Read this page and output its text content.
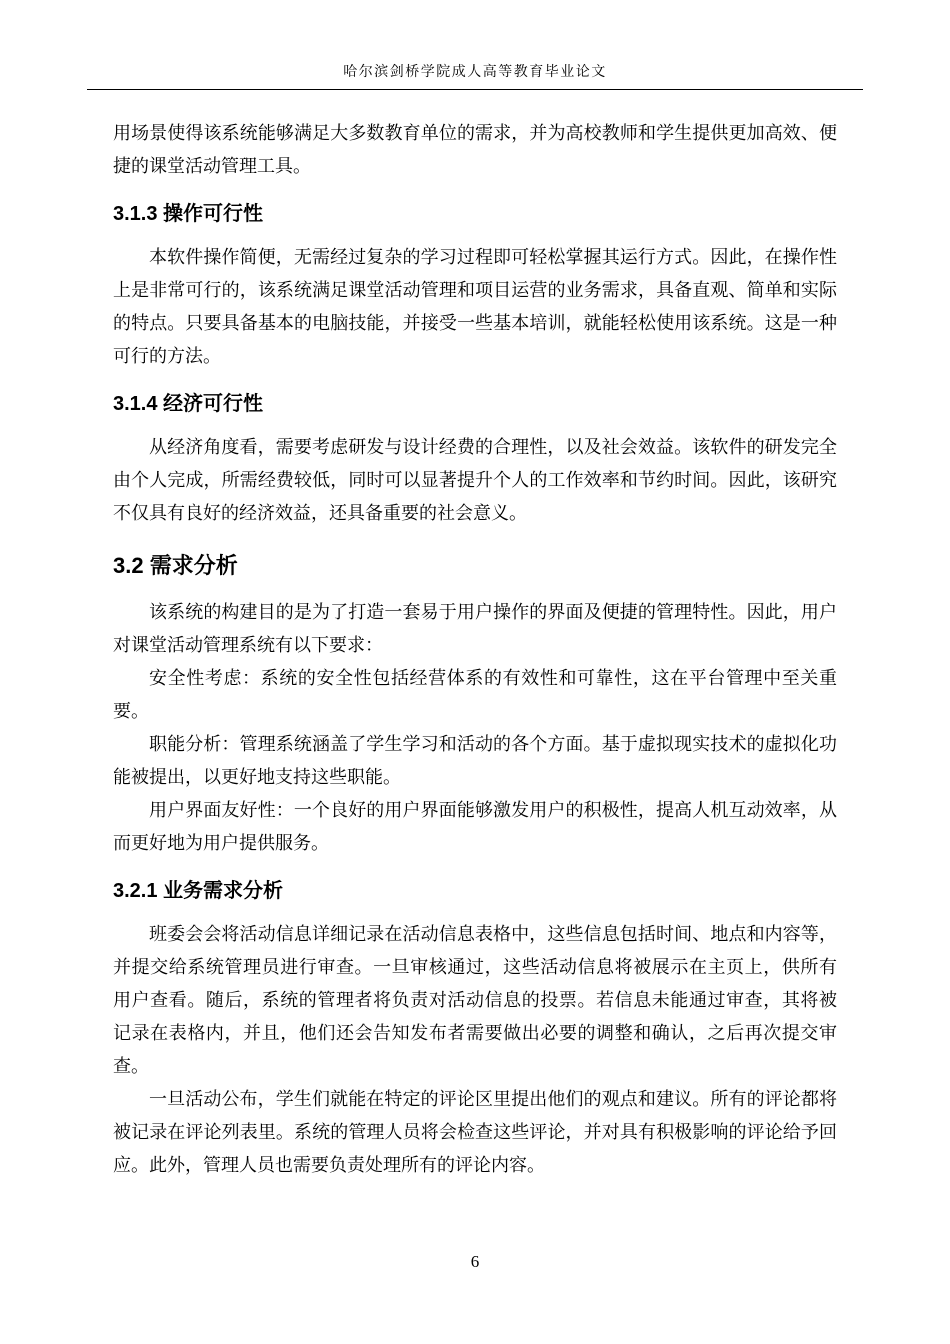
哈尔滨剑桥学院成人高等教育毕业论文

用场景使得该系统能够满足大多数教育单位的需求，并为高校教师和学生提供更加高效、便捷的课堂活动管理工具。

3.1.3 操作可行性

本软件操作简便，无需经过复杂的学习过程即可轻松掌握其运行方式。因此，在操作性上是非常可行的，该系统满足课堂活动管理和项目运营的业务需求，具备直观、简单和实际的特点。只要具备基本的电脑技能，并接受一些基本培训，就能轻松使用该系统。这是一种可行的方法。

3.1.4 经济可行性

从经济角度看，需要考虑研发与设计经费的合理性，以及社会效益。该软件的研发完全由个人完成，所需经费较低，同时可以显著提升个人的工作效率和节约时间。因此，该研究不仅具有良好的经济效益，还具备重要的社会意义。

3.2 需求分析

该系统的构建目的是为了打造一套易于用户操作的界面及便捷的管理特性。因此，用户对课堂活动管理系统有以下要求：

安全性考虑：系统的安全性包括经营体系的有效性和可靠性，这在平台管理中至关重要。

职能分析：管理系统涵盖了学生学习和活动的各个方面。基于虚拟现实技术的虚拟化功能被提出，以更好地支持这些职能。

用户界面友好性：一个良好的用户界面能够激发用户的积极性，提高人机互动效率，从而更好地为用户提供服务。

3.2.1 业务需求分析

班委会会将活动信息详细记录在活动信息表格中，这些信息包括时间、地点和内容等， 并提交给系统管理员进行审查。一旦审核通过，这些活动信息将被展示在主页上，供所有 用户查看。随后，系统的管理者将负责对活动信息的投票。若信息未能通过审查，其将被 记录在表格内，并且，他们还会告知发布者需要做出必要的调整和确认，之后再次提交审 查。

一旦活动公布，学生们就能在特定的评论区里提出他们的观点和建议。所有的评论都将被记录在评论列表里。系统的管理人员将会检查这些评论，并对具有积极影响的评论给予回应。此外，管理人员也需要负责处理所有的评论内容。

6
